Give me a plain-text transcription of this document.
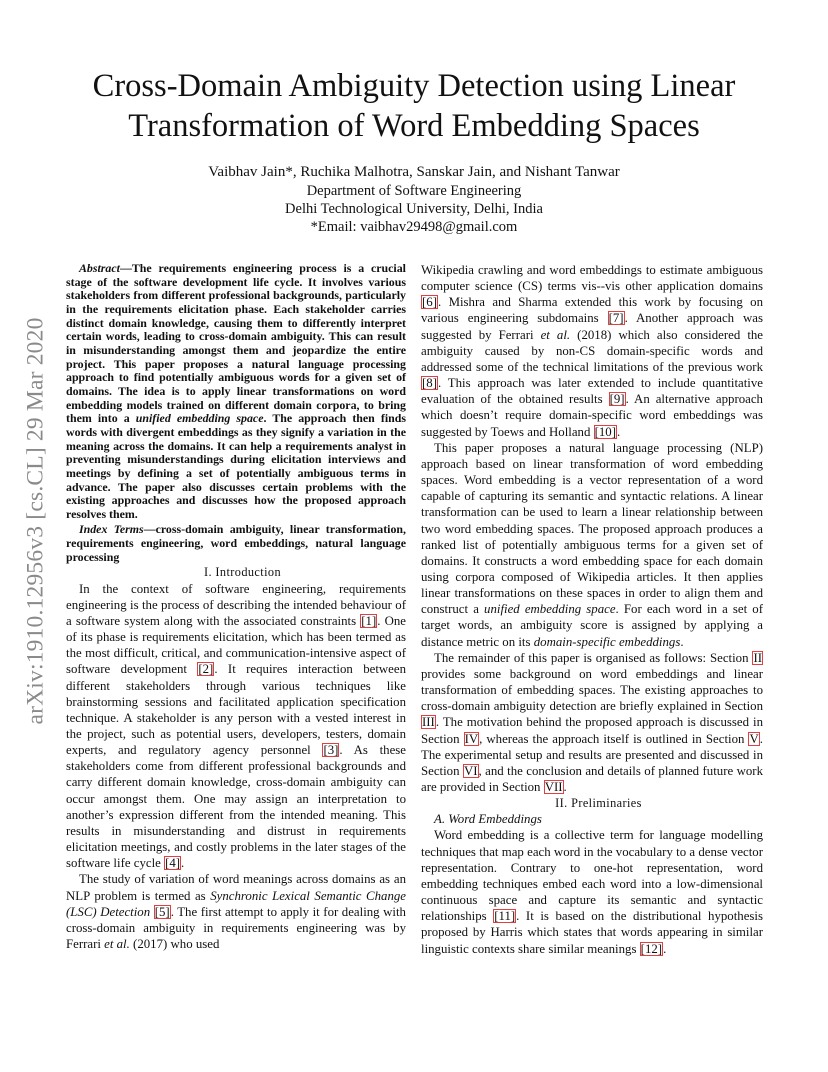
arXiv:1910.12956v3 [cs.CL] 29 Mar 2020
Cross-Domain Ambiguity Detection using Linear Transformation of Word Embedding Spaces
Vaibhav Jain*, Ruchika Malhotra, Sanskar Jain, and Nishant Tanwar
Department of Software Engineering
Delhi Technological University, Delhi, India
*Email: vaibhav29498@gmail.com

Abstract—The requirements engineering process is a crucial stage of the software development life cycle. It involves various stakeholders from different professional backgrounds, particularly in the requirements elicitation phase. Each stakeholder carries distinct domain knowledge, causing them to differently interpret certain words, leading to cross-domain ambiguity. This can result in misunderstanding amongst them and jeopardize the entire project. This paper proposes a natural language processing approach to find potentially ambiguous words for a given set of domains. The idea is to apply linear transformations on word embedding models trained on different domain corpora, to bring them into a unified embedding space. The approach then finds words with divergent embeddings as they signify a variation in the meaning across the domains. It can help a requirements analyst in preventing misunderstandings during elicitation interviews and meetings by defining a set of potentially ambiguous terms in advance. The paper also discusses certain problems with the existing approaches and discusses how the proposed approach resolves them.

Index Terms—cross-domain ambiguity, linear transformation, requirements engineering, word embeddings, natural language processing

I. Introduction

In the context of software engineering, requirements engineering is the process of describing the intended behaviour of a software system along with the associated constraints [1]. One of its phase is requirements elicitation, which has been termed as the most difficult, critical, and communication-intensive aspect of software development [2]. It requires interaction between different stakeholders through various techniques like brainstorming sessions and facilitated application specification technique. A stakeholder is any person with a vested interest in the project, such as potential users, developers, testers, domain experts, and regulatory agency personnel [3]. As these stakeholders come from different professional backgrounds and carry different domain knowledge, cross-domain ambiguity can occur amongst them. One may assign an interpretation to another’s expression different from the intended meaning. This results in misunderstanding and distrust in requirements elicitation meetings, and costly problems in the later stages of the software life cycle [4].

The study of variation of word meanings across domains as an NLP problem is termed as Synchronic Lexical Semantic Change (LSC) Detection [5]. The first attempt to apply it for dealing with cross-domain ambiguity in requirements engineering was by Ferrari et al. (2017) who used

Wikipedia crawling and word embeddings to estimate ambiguous computer science (CS) terms vis--vis other application domains [6]. Mishra and Sharma extended this work by focusing on various engineering subdomains [7]. Another approach was suggested by Ferrari et al. (2018) which also considered the ambiguity caused by non-CS domain-specific words and addressed some of the technical limitations of the previous work [8]. This approach was later extended to include quantitative evaluation of the obtained results [9]. An alternative approach which doesn’t require domain-specific word embeddings was suggested by Toews and Holland [10].

This paper proposes a natural language processing (NLP) approach based on linear transformation of word embedding spaces. Word embedding is a vector representation of a word capable of capturing its semantic and syntactic relations. A linear transformation can be used to learn a linear relationship between two word embedding spaces. The proposed approach produces a ranked list of potentially ambiguous terms for a given set of domains. It constructs a word embedding space for each domain using corpora composed of Wikipedia articles. It then applies linear transformations on these spaces in order to align them and construct a unified embedding space. For each word in a set of target words, an ambiguity score is assigned by applying a distance metric on its domain-specific embeddings.

The remainder of this paper is organised as follows: Section II provides some background on word embeddings and linear transformation of embedding spaces. The existing approaches to cross-domain ambiguity detection are briefly explained in Section III. The motivation behind the proposed approach is discussed in Section IV, whereas the approach itself is outlined in Section V. The experimental setup and results are presented and discussed in Section VI, and the conclusion and details of planned future work are provided in Section VII.

II. Preliminaries

A. Word Embeddings

Word embedding is a collective term for language modelling techniques that map each word in the vocabulary to a dense vector representation. Contrary to one-hot representation, word embedding techniques embed each word into a low-dimensional continuous space and capture its semantic and syntactic relationships [11]. It is based on the distributional hypothesis proposed by Harris which states that words appearing in similar linguistic contexts share similar meanings [12].
